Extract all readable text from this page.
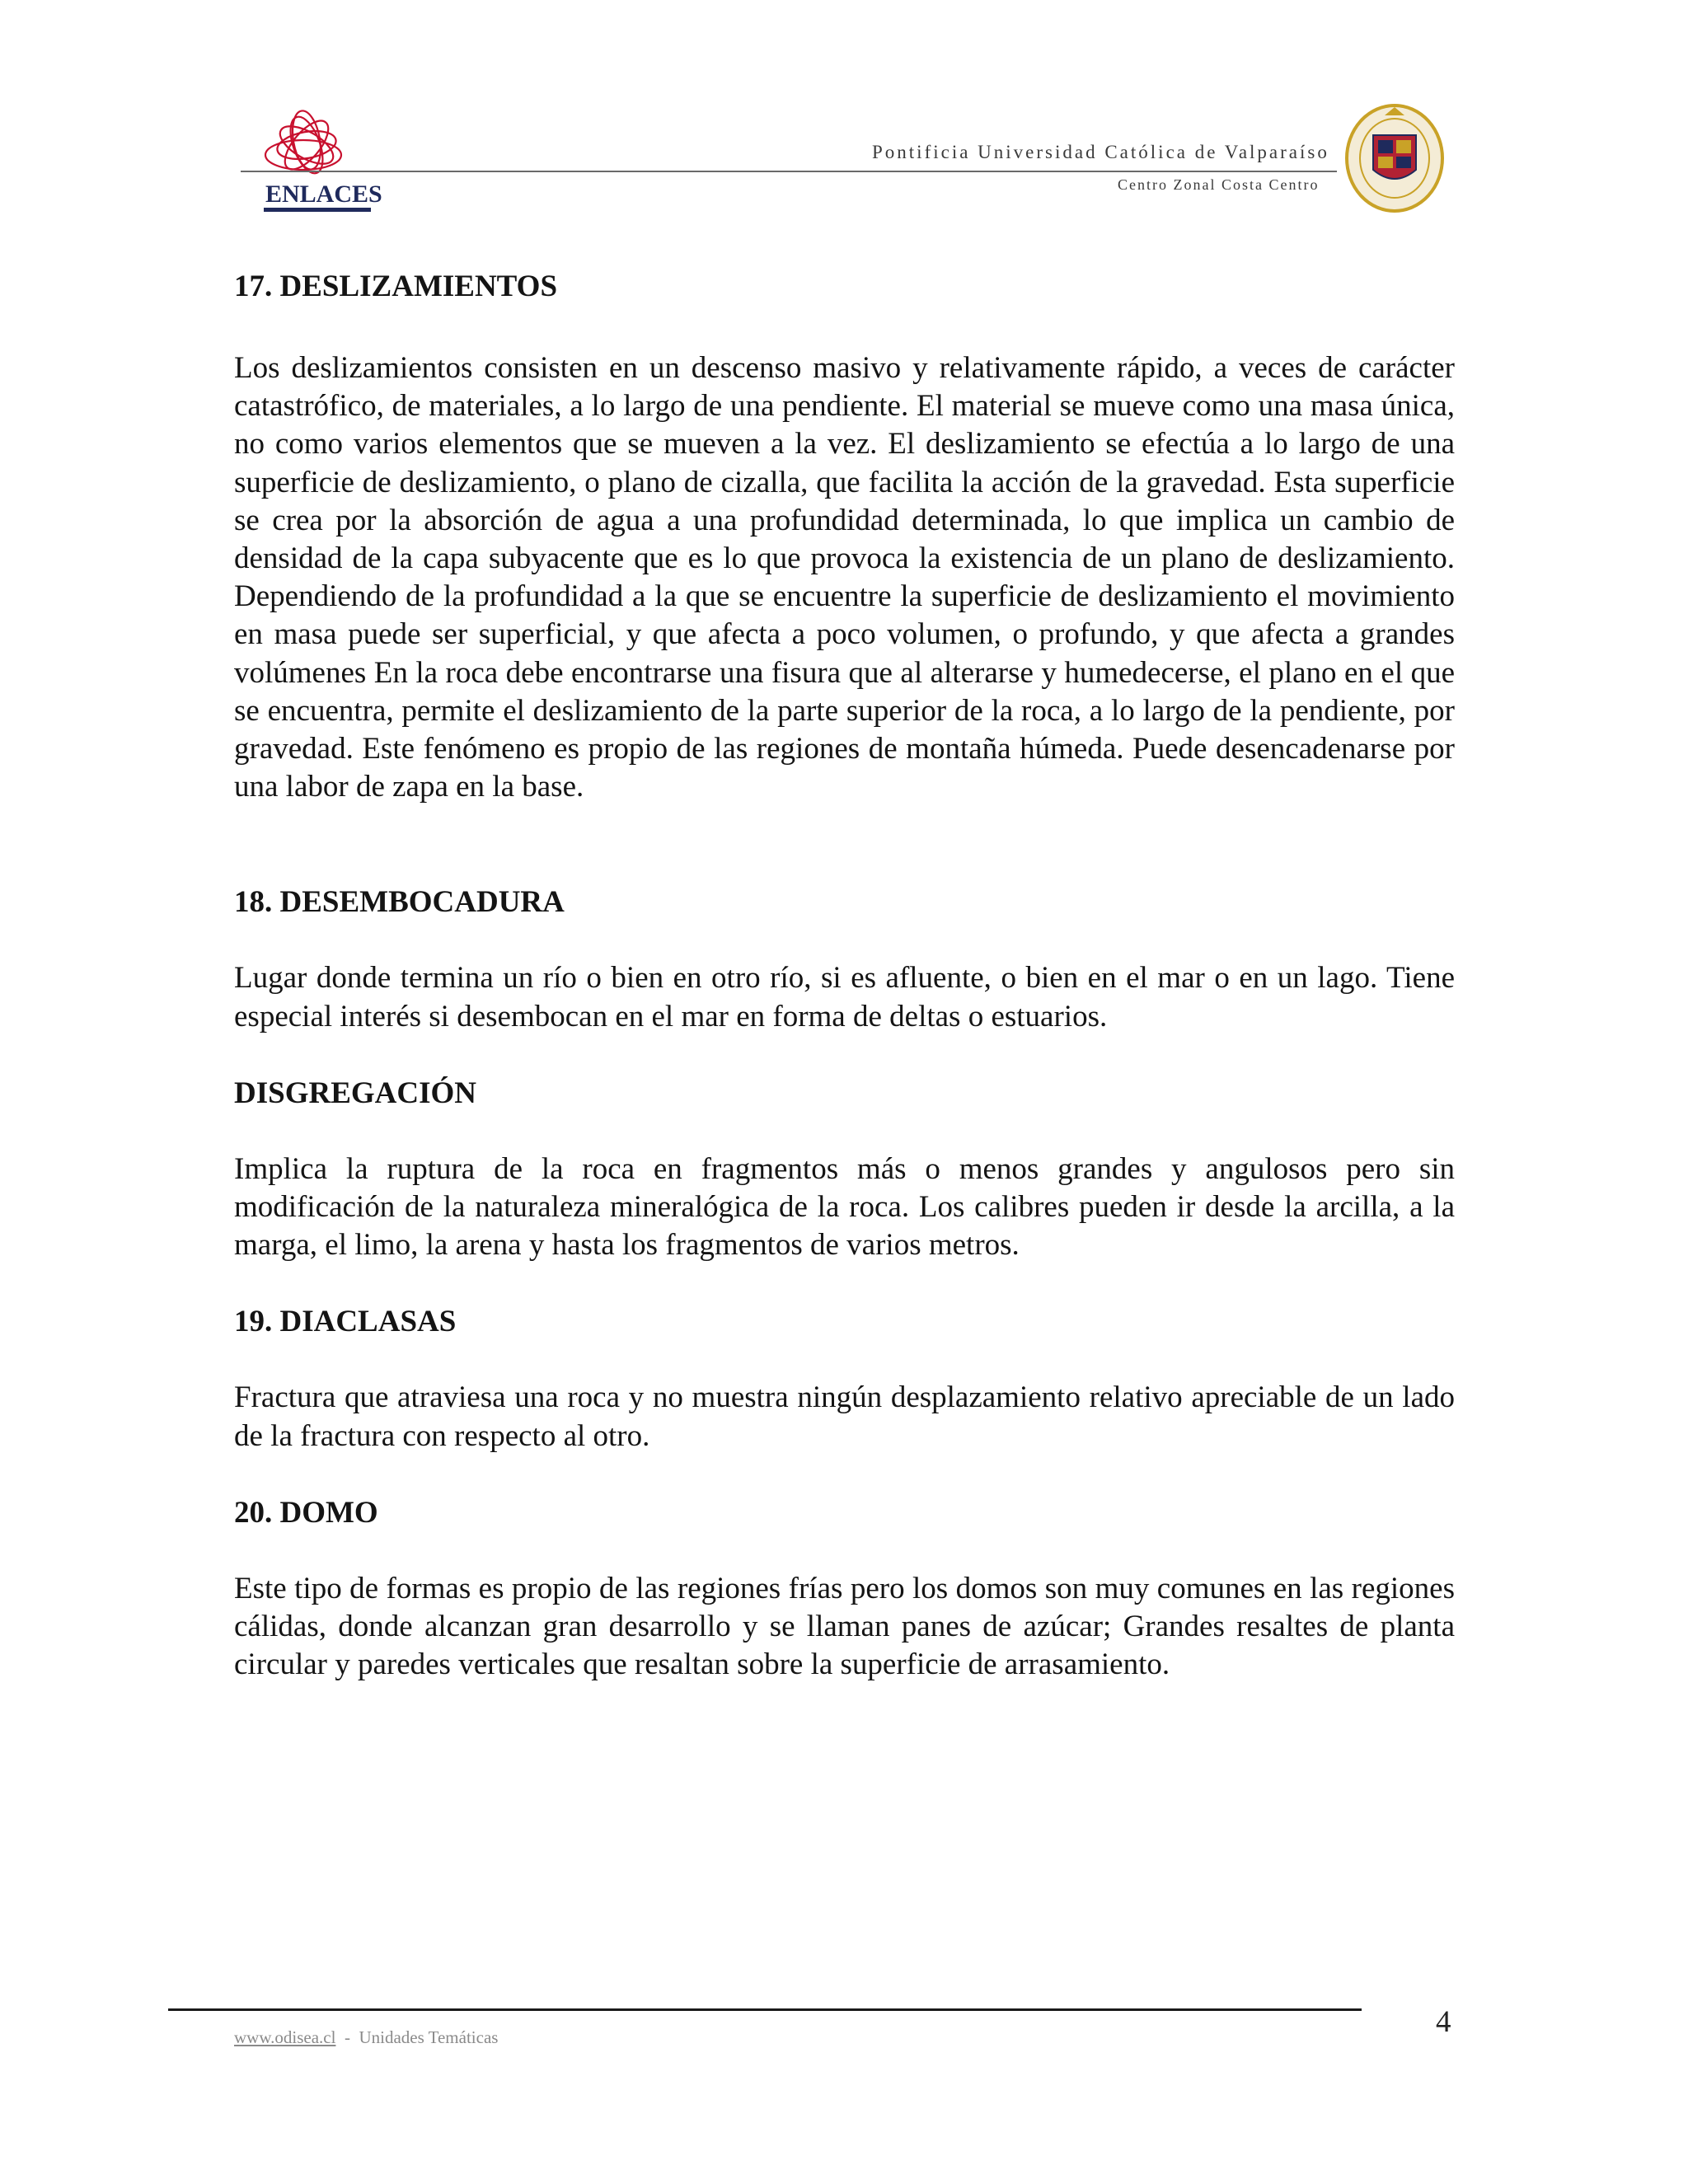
ENLACES
Pontificia Universidad Católica de Valparaíso
Centro Zonal Costa Centro

17. DESLIZAMIENTOS

Los deslizamientos consisten en un descenso masivo y relativamente rápido, a veces de carácter catastrófico, de materiales, a lo largo de una pendiente. El material se mueve como una masa única, no como varios elementos que se mueven a la vez. El deslizamiento se efectúa a lo largo de una superficie de deslizamiento, o plano de cizalla, que facilita la acción de la gravedad. Esta superficie se crea por la absorción de agua a una profundidad determinada, lo que implica un cambio de densidad de la capa subyacente que es lo que provoca la existencia de un plano de deslizamiento. Dependiendo de la profundidad a la que se encuentre la superficie de deslizamiento el movimiento en masa puede ser superficial, y que afecta a poco volumen, o profundo, y que afecta a grandes volúmenes En la roca debe encontrarse una fisura que al alterarse y humedecerse, el plano en el que se encuentra, permite el deslizamiento de la parte superior de la roca, a lo largo de la pendiente, por gravedad. Este fenómeno es propio de las regiones de montaña húmeda. Puede desencadenarse por una labor de zapa en la base.

18. DESEMBOCADURA

Lugar donde termina un río o bien en otro río, si es afluente, o bien en el mar o en un lago. Tiene especial interés si desembocan en el mar en forma de deltas o estuarios.

DISGREGACIÓN

Implica la ruptura de la roca en fragmentos más o menos grandes y angulosos pero sin modificación de la naturaleza mineralógica de la roca. Los calibres pueden ir desde la arcilla, a la marga, el limo, la arena y hasta los fragmentos de varios metros.

19. DIACLASAS

Fractura que atraviesa una roca y no muestra ningún desplazamiento relativo apreciable de un lado de la fractura con respecto al otro.

20. DOMO

Este tipo de formas es propio de las regiones frías pero los domos son muy comunes en las regiones cálidas, donde alcanzan gran desarrollo y se llaman panes de azúcar; Grandes resaltes de planta circular y paredes verticales que resaltan sobre la superficie de arrasamiento.

4
www.odisea.cl  -  Unidades Temáticas
